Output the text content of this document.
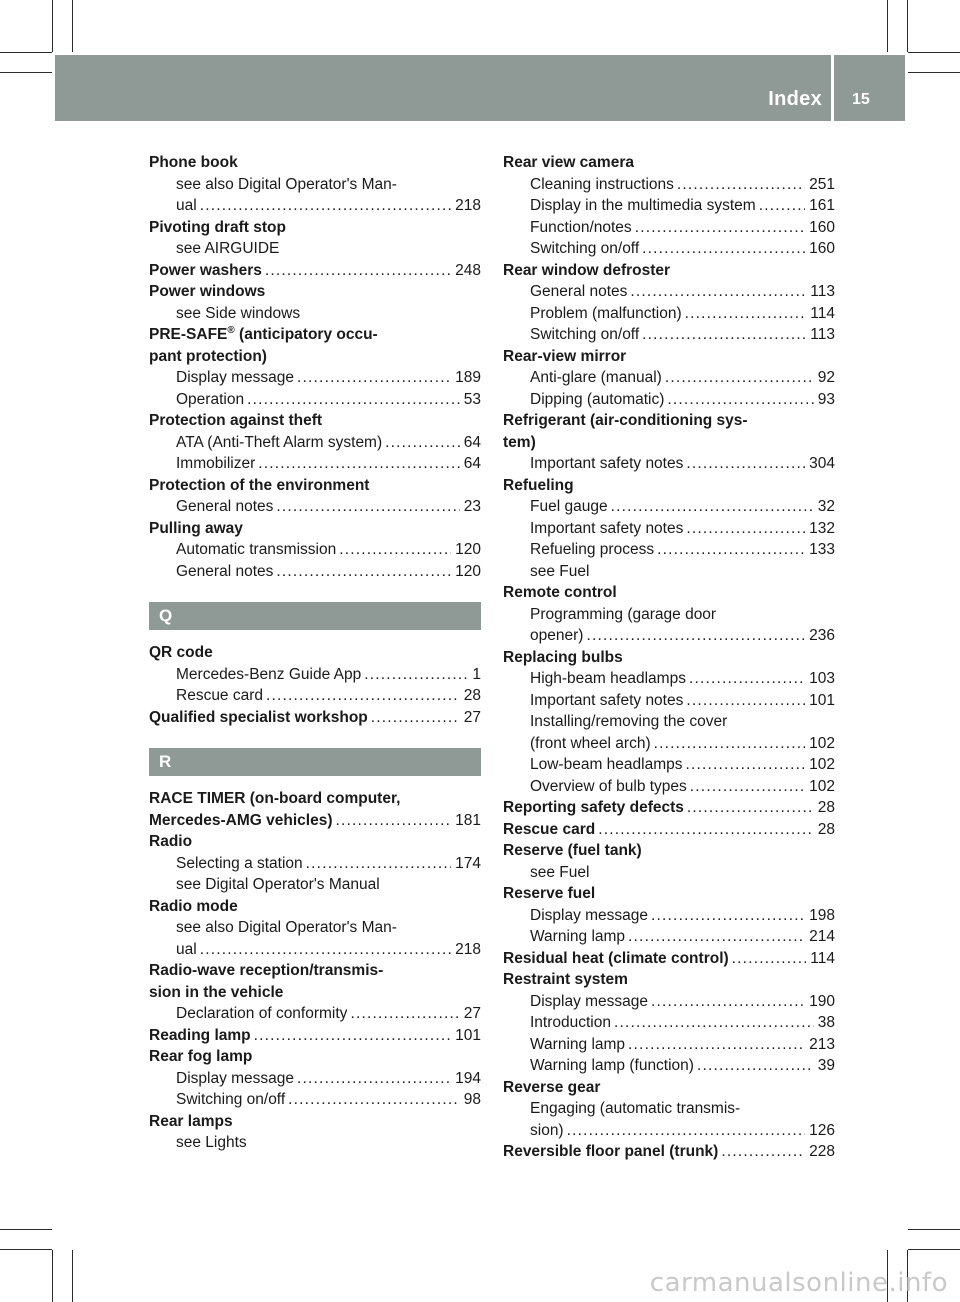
Index 15
Phone book
see also Digital Operator's Man-
ual .....	218
Pivoting draft stop
see AIRGUIDE
Power washers .....	248
Power windows
see Side windows
PRE-SAFE® (anticipatory occu-
pant protection)
Display message .....	189
Operation .....	53
Protection against theft
ATA (Anti-Theft Alarm system) .....	64
Immobilizer .....	64
Protection of the environment
General notes .....	23
Pulling away
Automatic transmission .....	120
General notes .....	120
Q
QR code
Mercedes-Benz Guide App .....	1
Rescue card .....	28
Qualified specialist workshop .....	27
R
RACE TIMER (on-board computer,
Mercedes-AMG vehicles) .....	181
Radio
Selecting a station .....	174
see Digital Operator's Manual
Radio mode
see also Digital Operator's Man-
ual .....	218
Radio-wave reception/transmis-
sion in the vehicle
Declaration of conformity .....	27
Reading lamp .....	101
Rear fog lamp
Display message .....	194
Switching on/off .....	98
Rear lamps
see Lights
Rear view camera
Cleaning instructions .....	251
Display in the multimedia system .....	161
Function/notes .....	160
Switching on/off .....	160
Rear window defroster
General notes .....	113
Problem (malfunction) .....	114
Switching on/off .....	113
Rear-view mirror
Anti-glare (manual) .....	92
Dipping (automatic) .....	93
Refrigerant (air-conditioning sys-
tem)
Important safety notes .....	304
Refueling
Fuel gauge .....	32
Important safety notes .....	132
Refueling process .....	133
see Fuel
Remote control
Programming (garage door
opener) .....	236
Replacing bulbs
High-beam headlamps .....	103
Important safety notes .....	101
Installing/removing the cover
(front wheel arch) .....	102
Low-beam headlamps .....	102
Overview of bulb types .....	102
Reporting safety defects .....	28
Rescue card .....	28
Reserve (fuel tank)
see Fuel
Reserve fuel
Display message .....	198
Warning lamp .....	214
Residual heat (climate control) .....	114
Restraint system
Display message .....	190
Introduction .....	38
Warning lamp .....	213
Warning lamp (function) .....	39
Reverse gear
Engaging (automatic transmis-
sion) .....	126
Reversible floor panel (trunk) .....	228
carmanualsonline.info
